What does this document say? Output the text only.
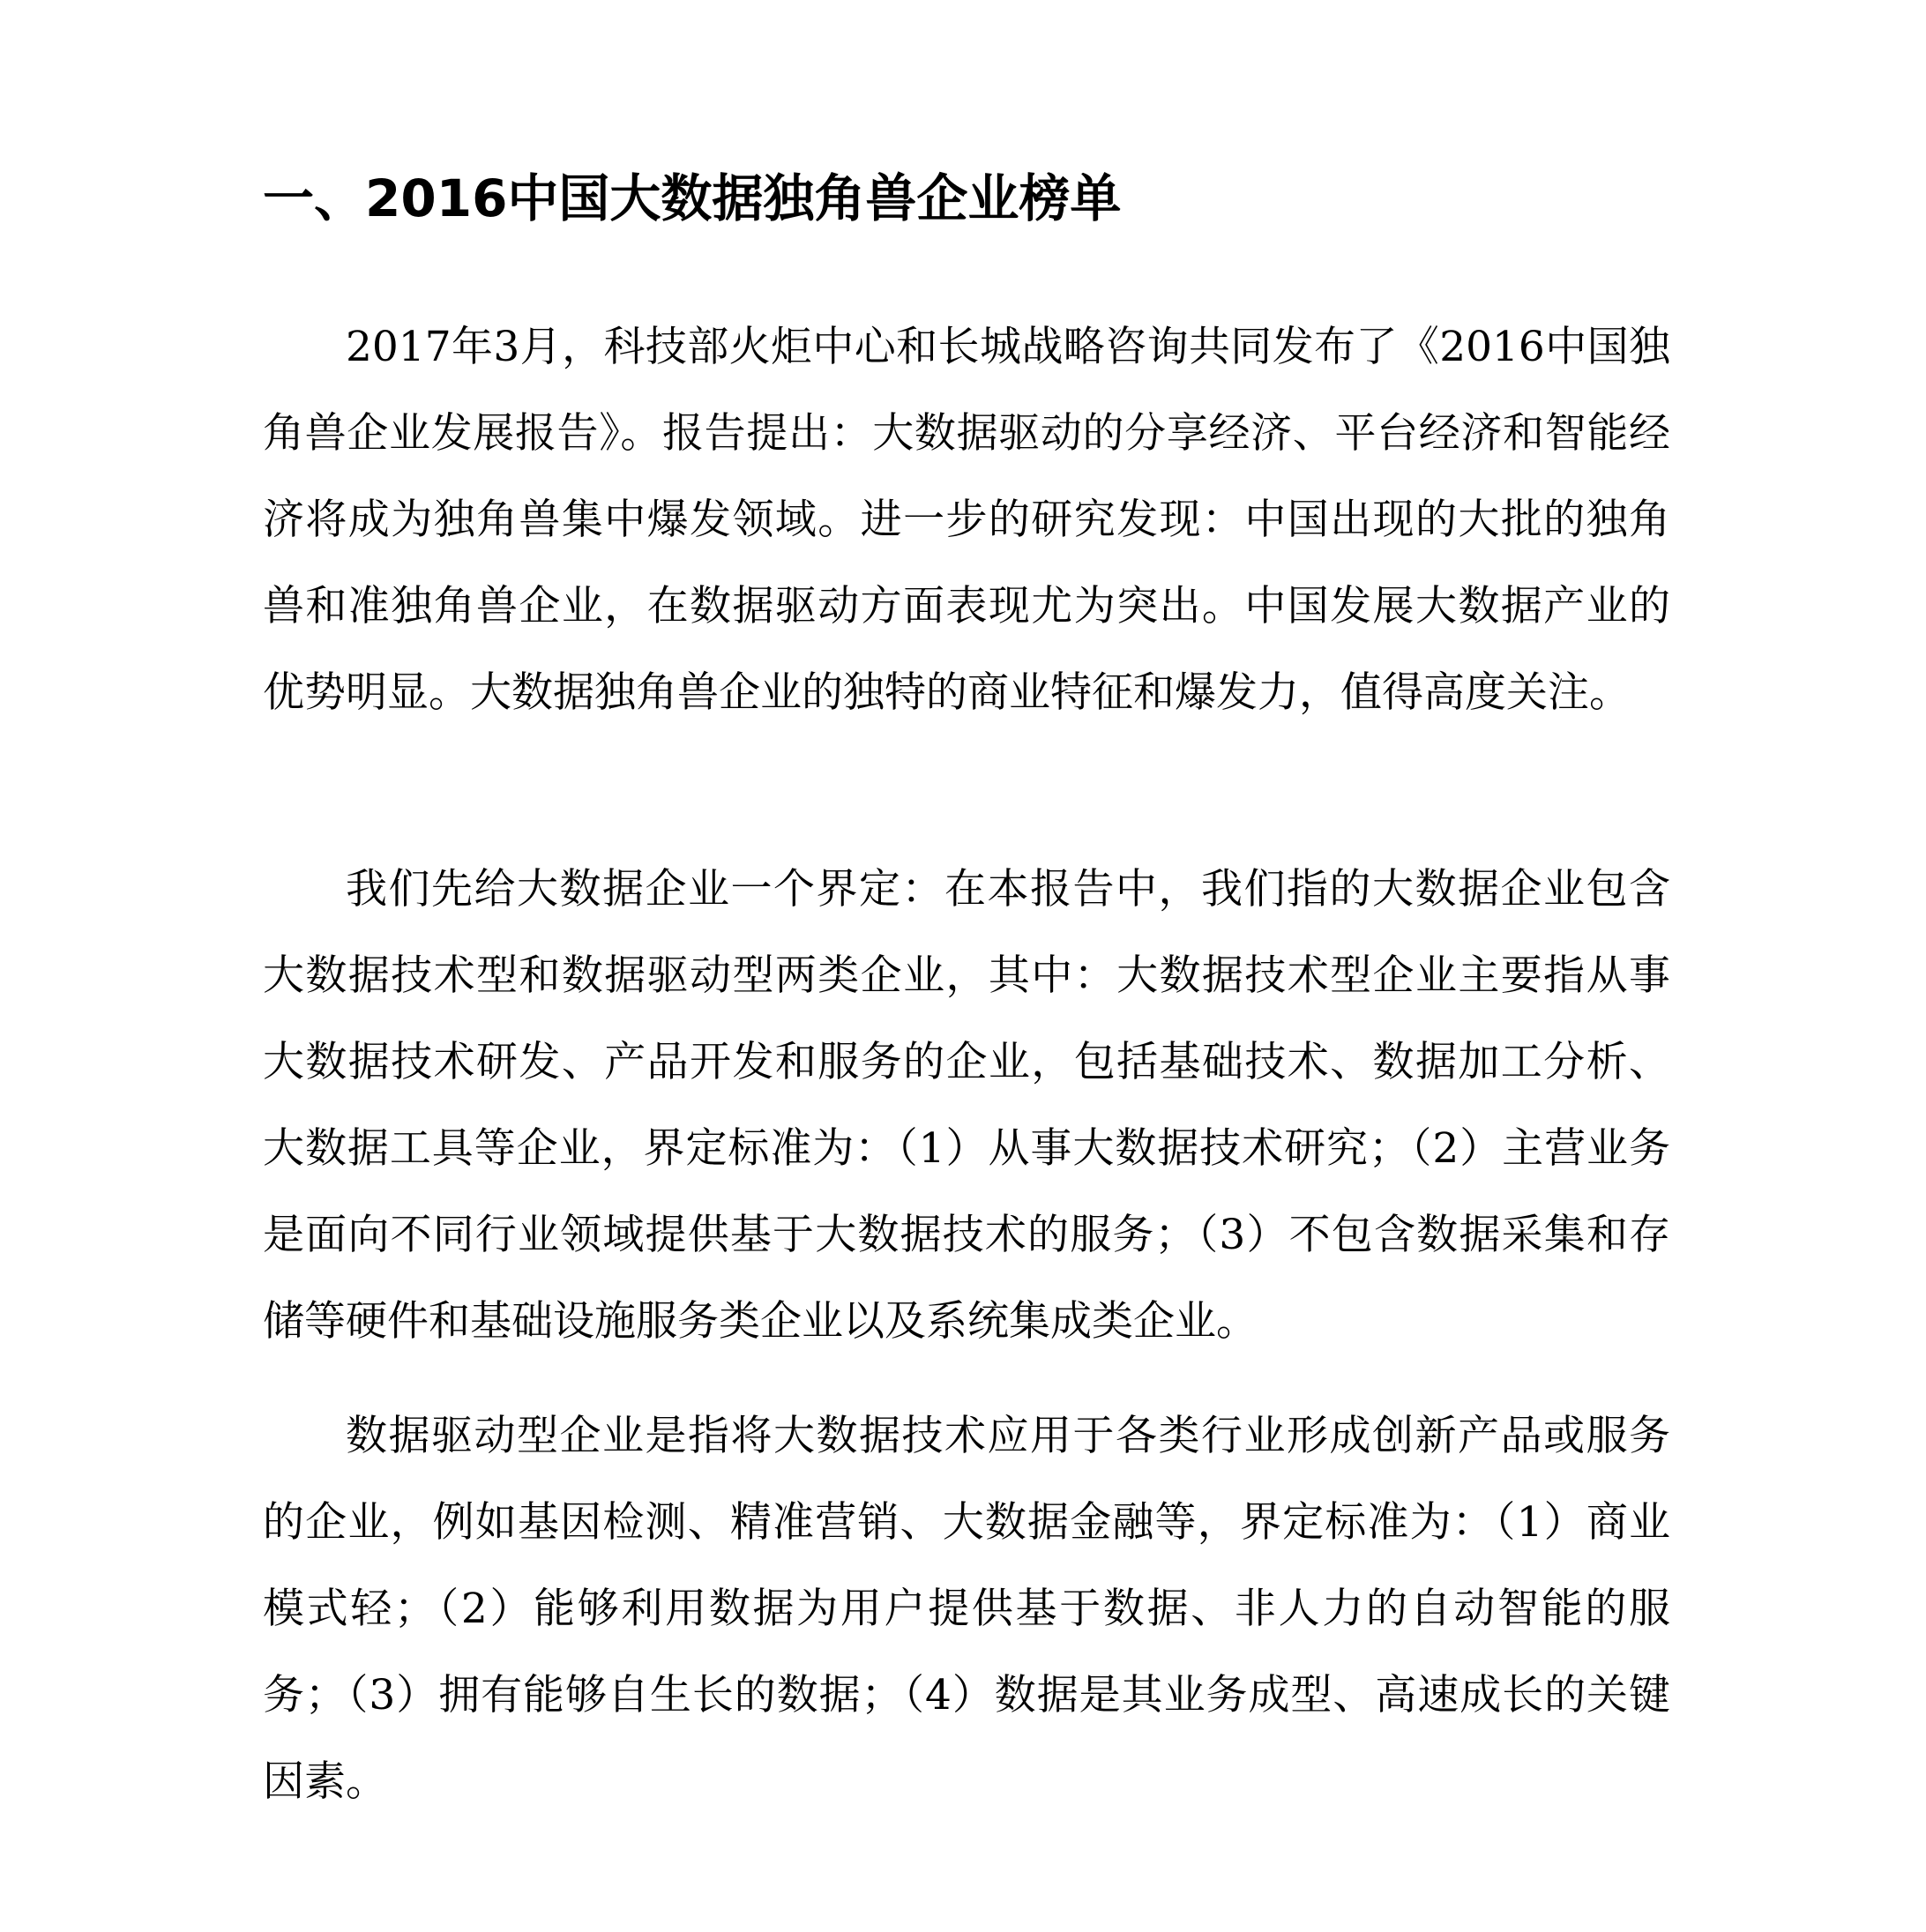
一、2016中国大数据独角兽企业榜单

2017年3月，科技部火炬中心和长城战略咨询共同发布了《2016中国独角兽企业发展报告》。报告提出：大数据驱动的分享经济、平台经济和智能经济将成为独角兽集中爆发领域。进一步的研究发现：中国出现的大批的独角兽和准独角兽企业，在数据驱动方面表现尤为突出。中国发展大数据产业的优势明显。大数据独角兽企业的独特的商业特征和爆发力，值得高度关注。

我们先给大数据企业一个界定：在本报告中，我们指的大数据企业包含大数据技术型和数据驱动型两类企业，其中：大数据技术型企业主要指从事大数据技术研发、产品开发和服务的企业，包括基础技术、数据加工分析、大数据工具等企业，界定标准为：（1）从事大数据技术研究；（2）主营业务是面向不同行业领域提供基于大数据技术的服务；（3）不包含数据采集和存储等硬件和基础设施服务类企业以及系统集成类企业。

数据驱动型企业是指将大数据技术应用于各类行业形成创新产品或服务的企业，例如基因检测、精准营销、大数据金融等，界定标准为：（1）商业模式轻；（2）能够利用数据为用户提供基于数据、非人力的自动智能的服务；（3）拥有能够自生长的数据；（4）数据是其业务成型、高速成长的关键因素。
